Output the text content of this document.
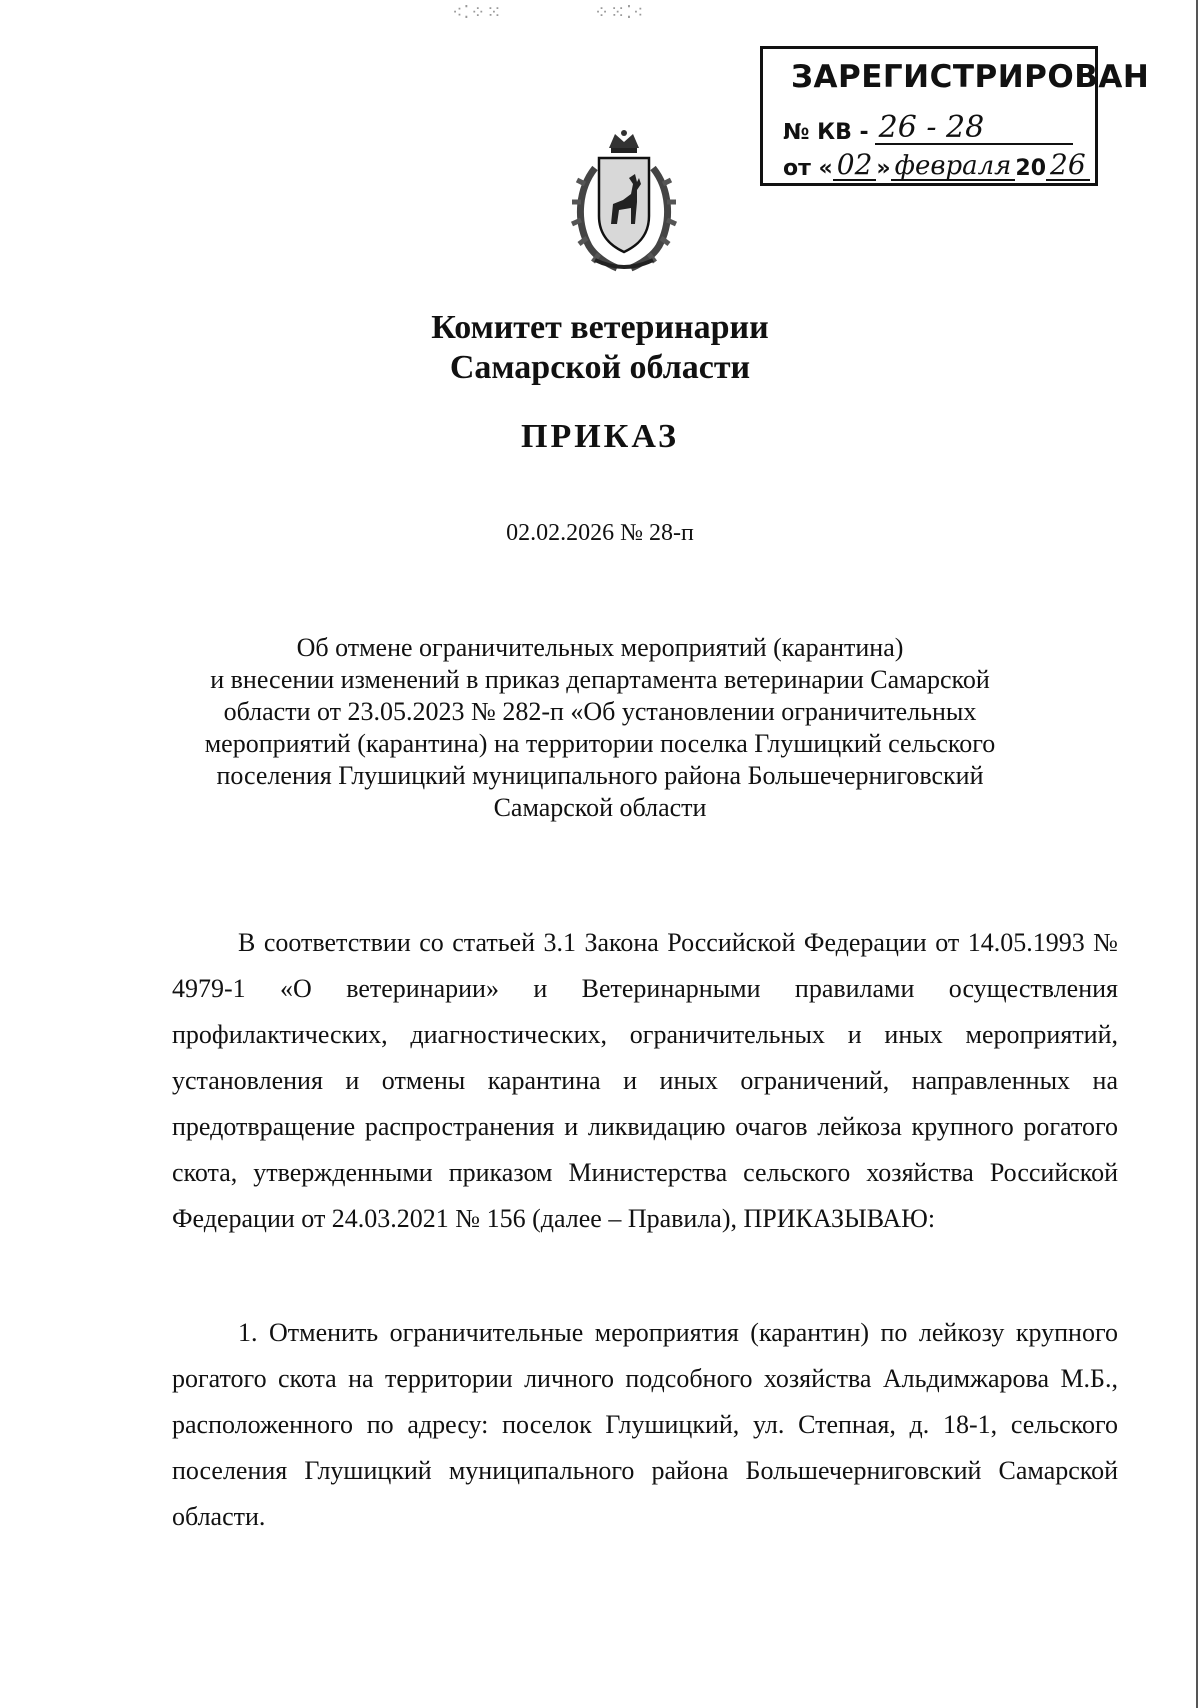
⁖⁚⁘⁙	⁘⁙⁚⁖
ЗАРЕГИСТРИРОВАН
№ КВ - 26 - 28
от « 02 » февраля 20 26
Комитет ветеринарии
Самарской области
ПРИКАЗ
02.02.2026 № 28-п
Об отмене ограничительных мероприятий (карантина)
и внесении изменений в приказ департамента ветеринарии Самарской
области от 23.05.2023 № 282-п «Об установлении ограничительных
мероприятий (карантина) на территории поселка Глушицкий сельского
поселения Глушицкий муниципального района Большечерниговский
Самарской области
В соответствии со статьей 3.1 Закона Российской Федерации от 14.05.1993 № 4979-1 «О ветеринарии» и Ветеринарными правилами осуществления профилактических, диагностических, ограничительных и иных мероприятий, установления и отмены карантина и иных ограничений, направленных на предотвращение распространения и ликвидацию очагов лейкоза крупного рогатого скота, утвержденными приказом Министерства сельского хозяйства Российской Федерации от 24.03.2021 № 156 (далее – Правила), ПРИКАЗЫВАЮ:
1. Отменить ограничительные мероприятия (карантин) по лейкозу крупного рогатого скота на территории личного подсобного хозяйства Альдимжарова М.Б., расположенного по адресу: поселок Глушицкий, ул. Степная, д. 18-1, сельского поселения Глушицкий муниципального района Большечерниговский Самарской области.
